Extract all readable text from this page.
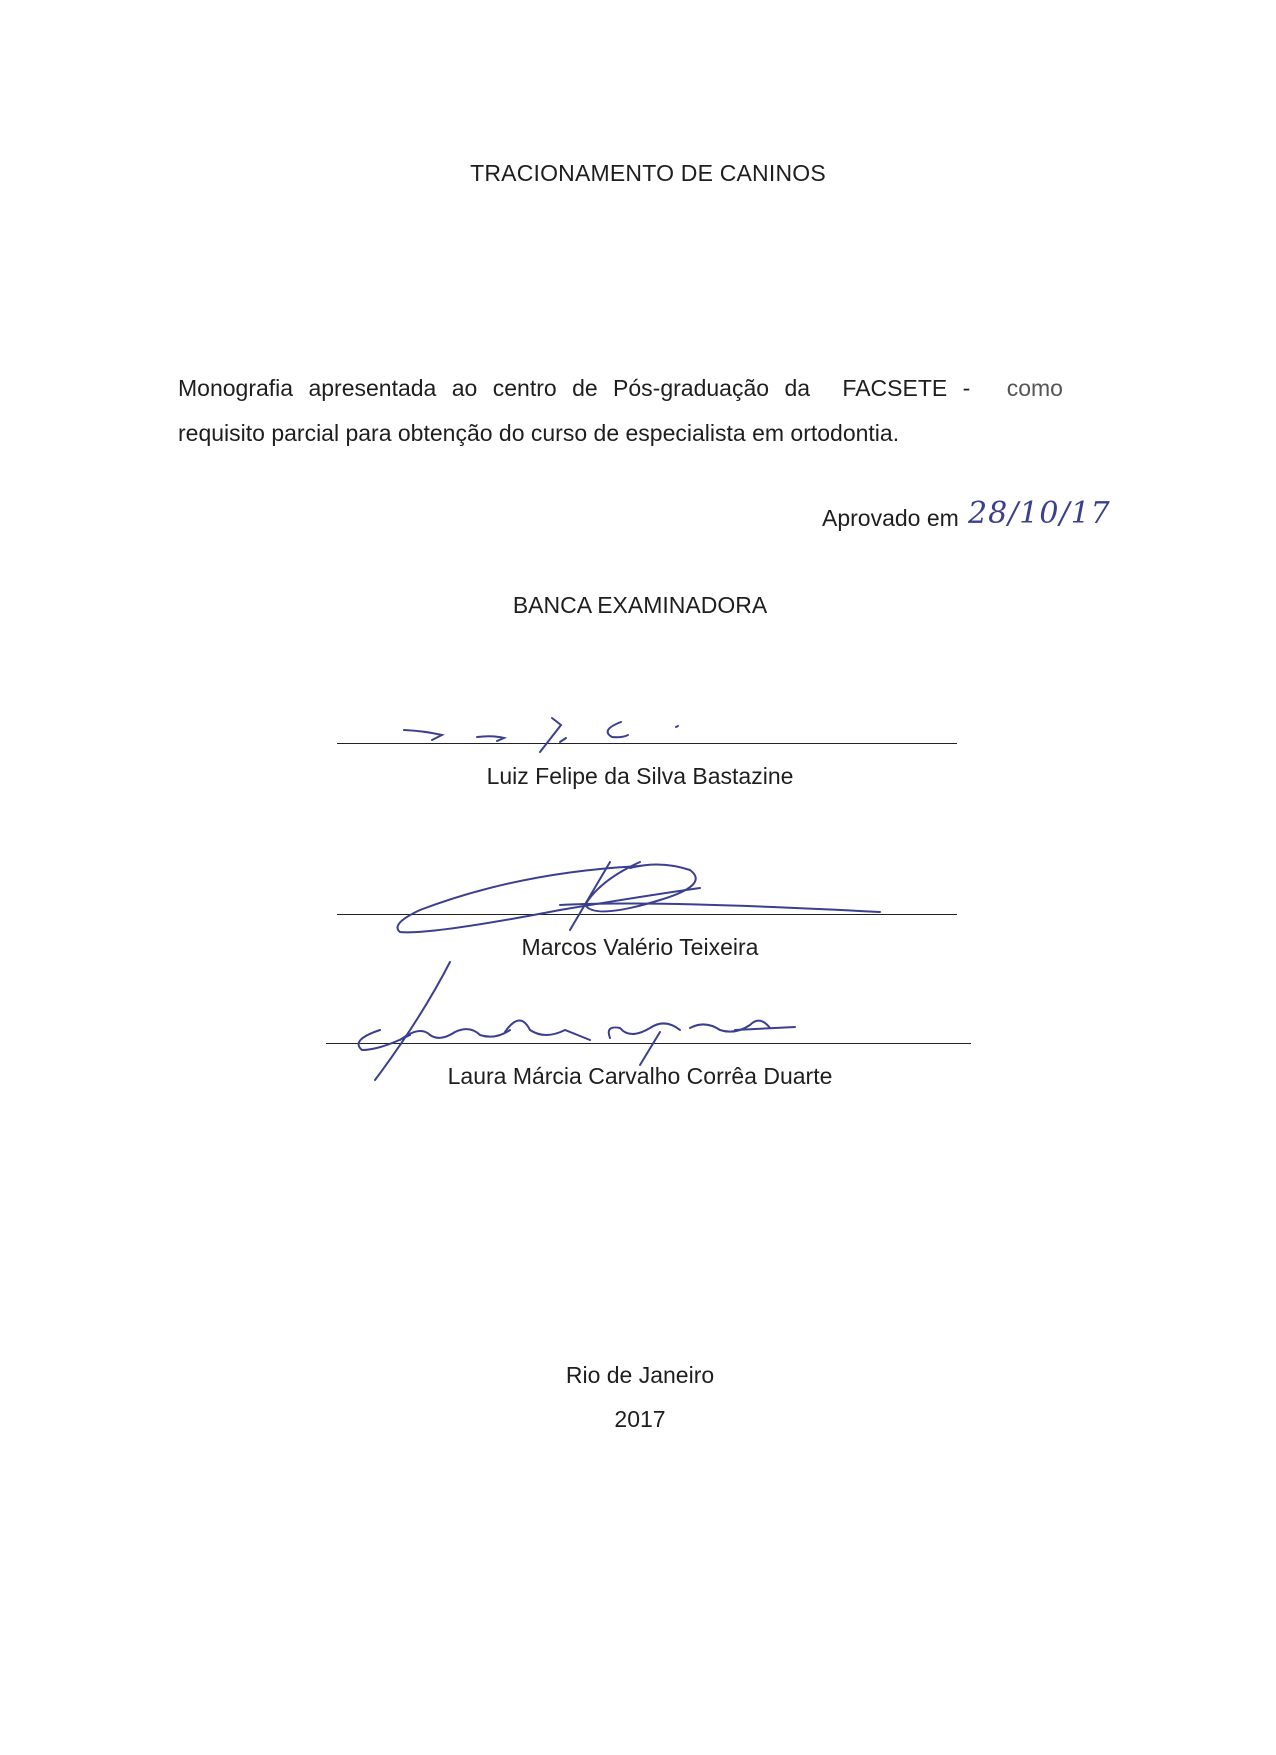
TRACIONAMENTO DE CANINOS
Monografia apresentada ao centro de Pós-graduação da FACSETE - como
requisito parcial para obtenção do curso de especialista em ortodontia.
Aprovado em 28/10/17
BANCA EXAMINADORA
Luiz Felipe da Silva Bastazine
Marcos Valério Teixeira
Laura Márcia Carvalho Corrêa Duarte
Rio de Janeiro
2017
